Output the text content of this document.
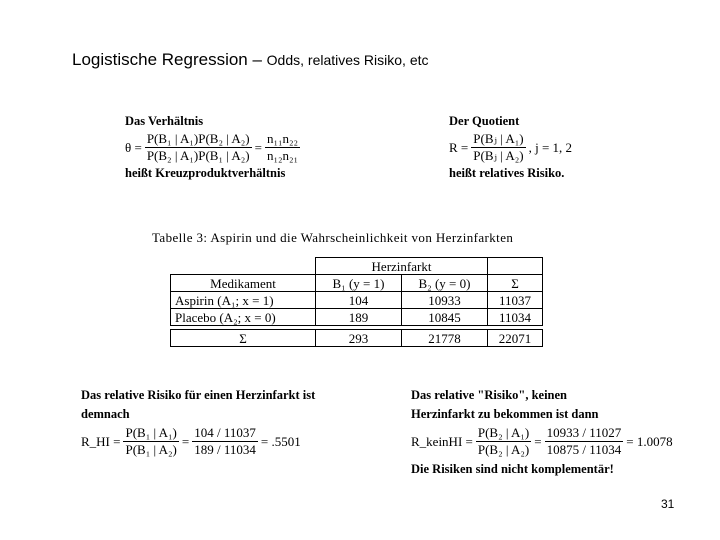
Logistische Regression – Odds, relatives Risiko, etc
Das Verhältnis
$\theta = \frac{\text{P(B₁ | A₁)P(B₂ | A₂)}}{\text{P(B₂ | A₁)P(B₁ | A₂)}} = \frac{\text{n₁₁n₂₂}}{\text{n₁₂n₂₁}}$
heißt Kreuzproduktverhältnis
Der Quotient
$R = \frac{\text{P(Bⱼ | A₁)}}{\text{P(Bⱼ | A₂)}}$ , j = 1, 2
heißt relatives Risiko.
Tabelle 3: Aspirin und die Wahrscheinlichkeit von Herzinfarkten
	Herzinfarkt		
Medikament	B₁ (y = 1)	B₂ (y = 0)	Σ
Aspirin (A₁; x = 1)	104	10933	11037
Placebo (A₂; x = 0)	189	10845	11034

Σ	293	21778	22071
Das relative Risiko für einen Herzinfarkt ist
demnach
R_HI = $\frac{\text{P(B₁ | A₁)}}{\text{P(B₁ | A₂)}} = \frac{104 / 11037}{189 / 11034} = .5501$
Das relative "Risiko", keinen
Herzinfarkt zu bekommen ist dann
R_keinHI = $\frac{\text{P(B₂ | A₁)}}{\text{P(B₂ | A₂)}} = \frac{10933 / 11027}{10875 / 11034} = 1.0078$
Die Risiken sind nicht komplementär!
31
